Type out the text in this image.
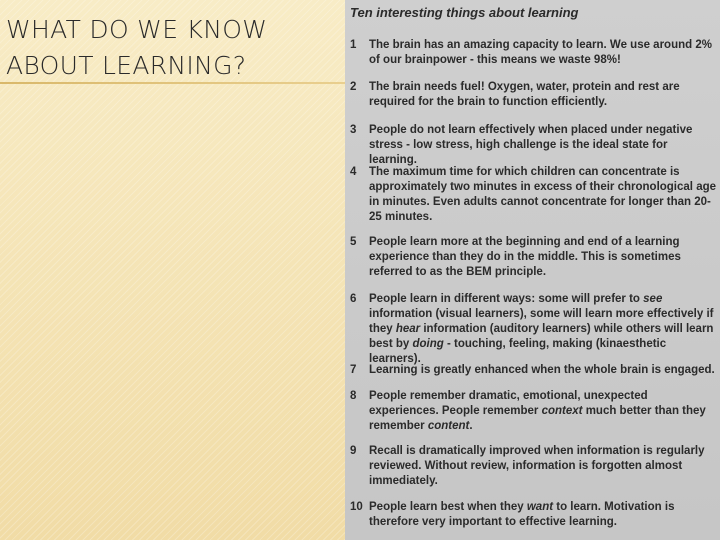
WHAT DO WE KNOW
ABOUT LEARNING?

Ten interesting things about learning

1	The brain has an amazing capacity to learn. We use around 2% of our brainpower - this means we waste 98%!
2	The brain needs fuel! Oxygen, water, protein and rest are required for the brain to function efficiently.
3	People do not learn effectively when placed under negative stress - low stress, high challenge is the ideal state for learning.
4	The maximum time for which children can concentrate is approximately two minutes in excess of their chronological age in minutes. Even adults cannot concentrate for longer than 20-25 minutes.
5	People learn more at the beginning and end of a learning experience than they do in the middle. This is sometimes referred to as the BEM principle.
6	People learn in different ways: some will prefer to see information (visual learners), some will learn more effectively if they hear information (auditory learners) while others will learn best by doing - touching, feeling, making (kinaesthetic learners).
7	Learning is greatly enhanced when the whole brain is engaged.
8	People remember dramatic, emotional, unexpected experiences. People remember context much better than they remember content.
9	Recall is dramatically improved when information is regularly reviewed. Without review, information is forgotten almost immediately.
10 People learn best when they want to learn. Motivation is therefore very important to effective learning.
